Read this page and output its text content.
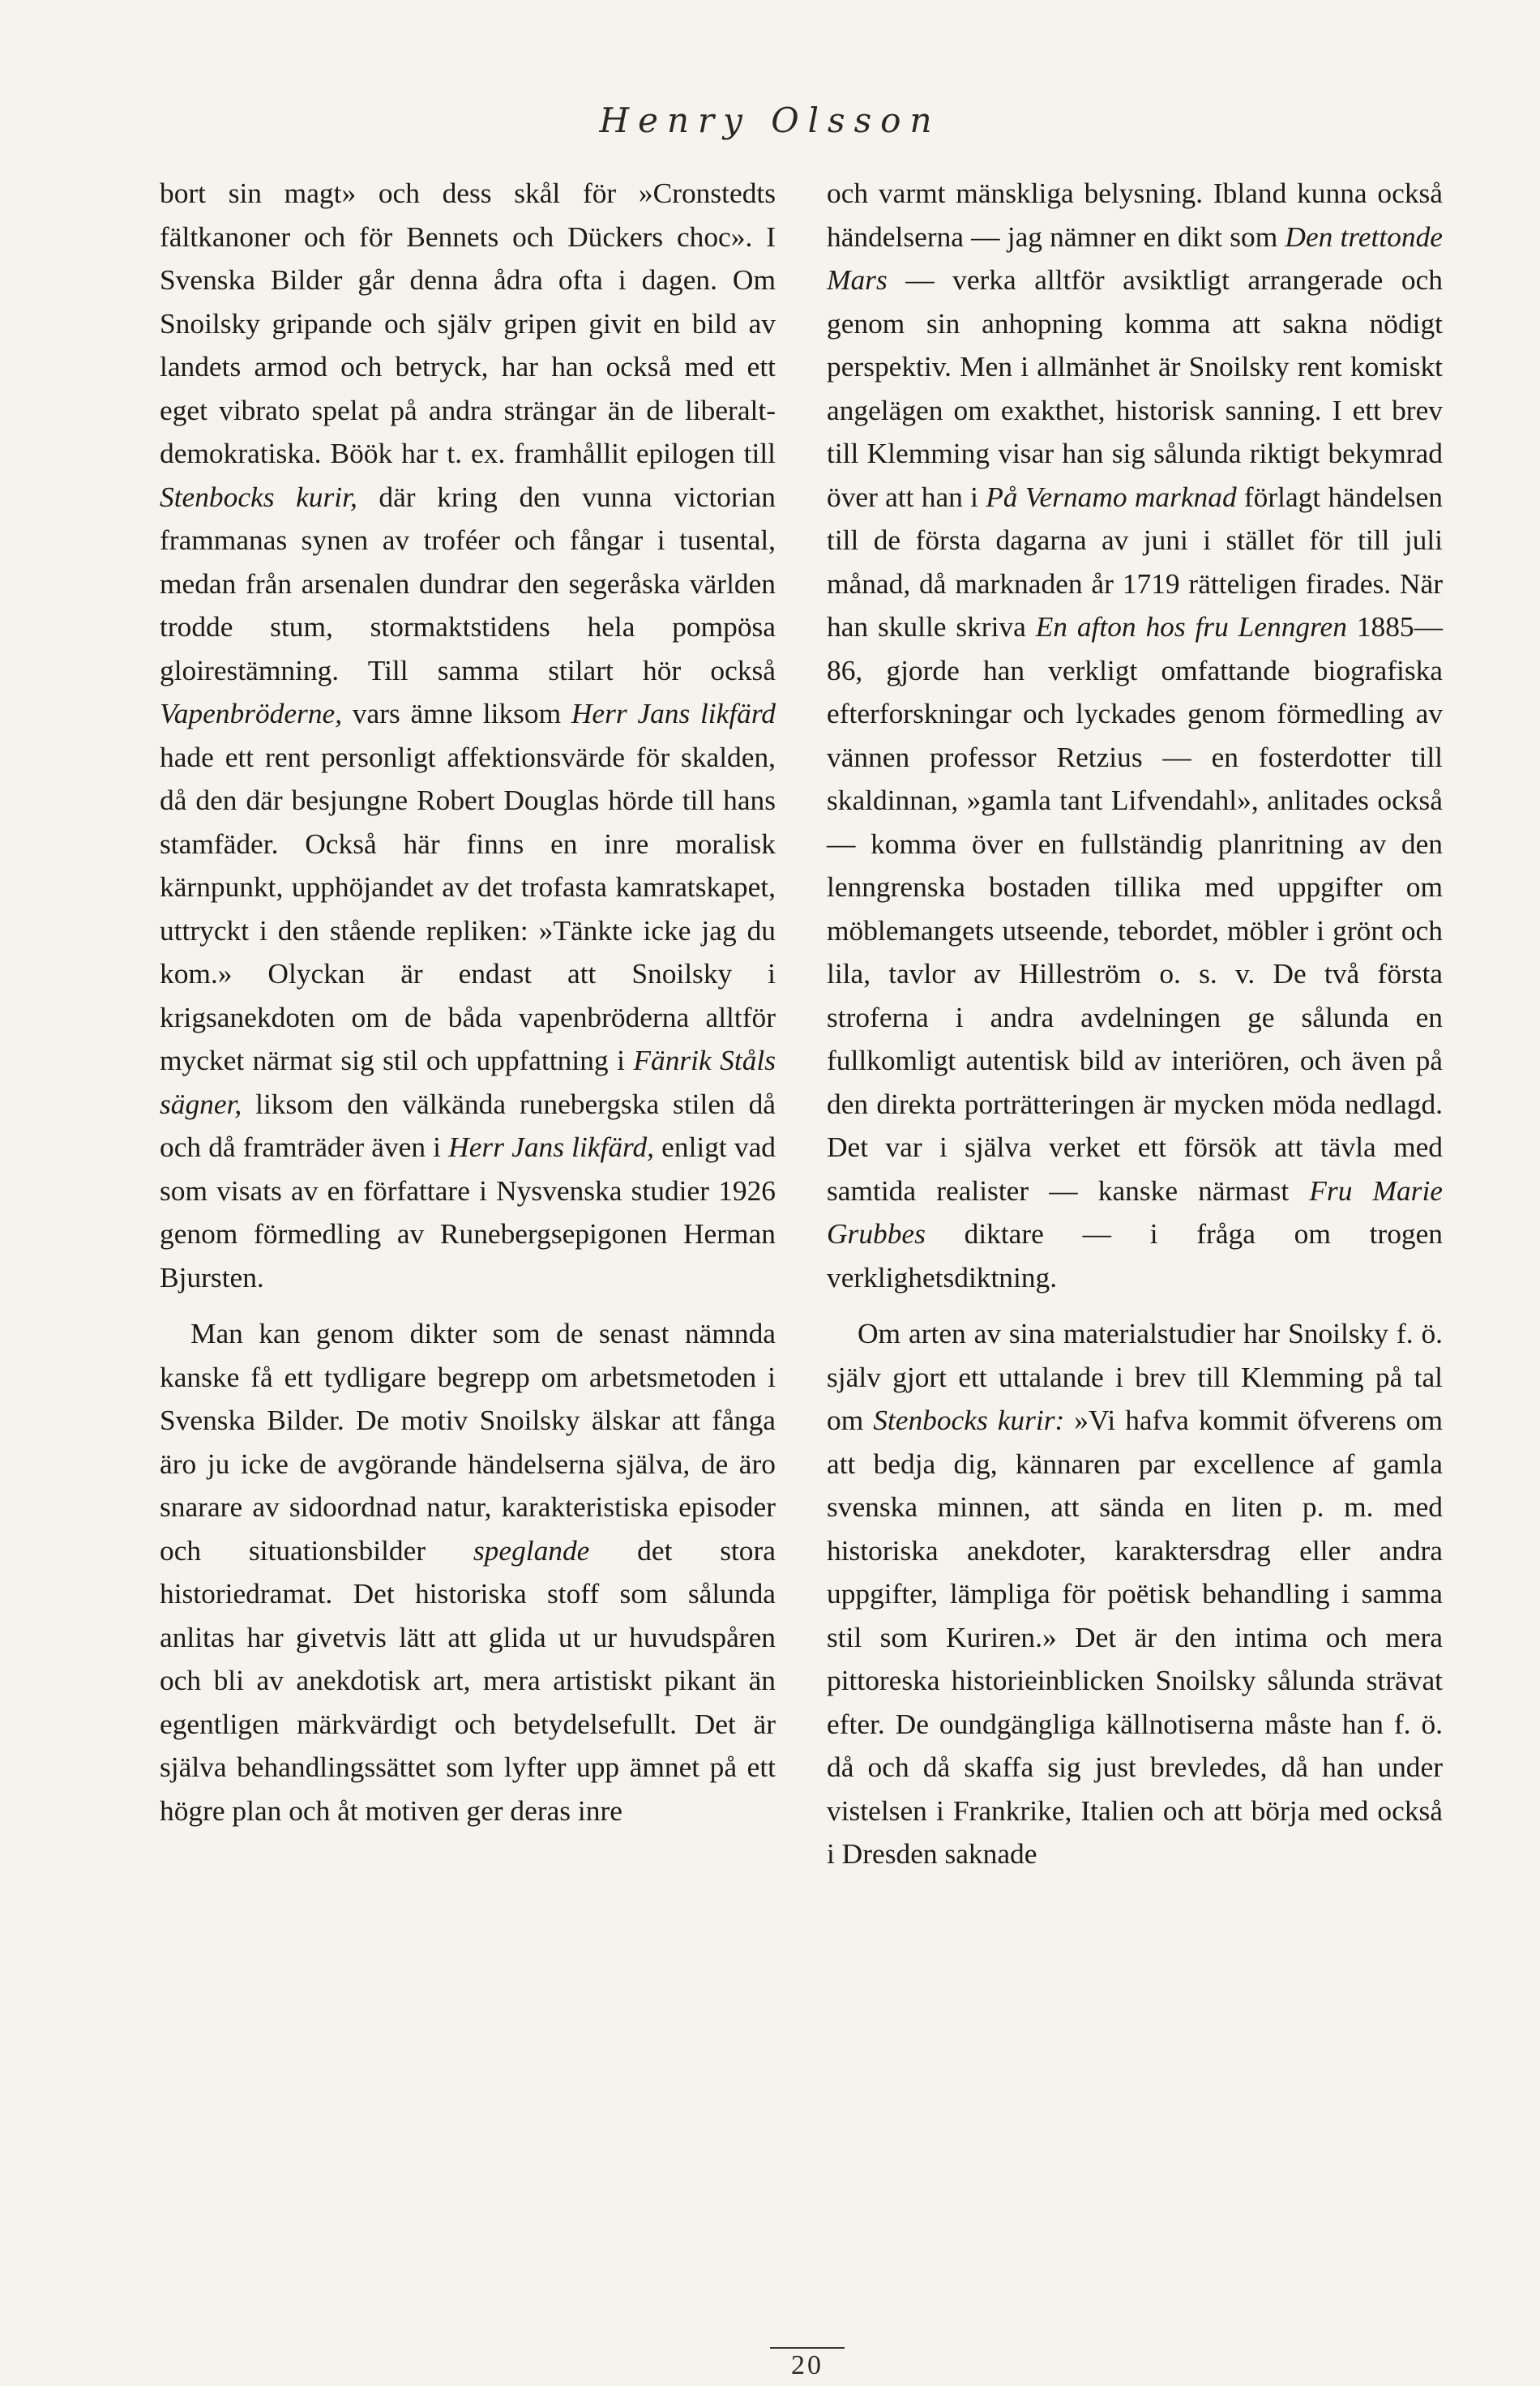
Henry Olsson

bort sin magt» och dess skål för »Cronstedts fältkanoner och för Bennets och Dückers choc». I Svenska Bilder går denna ådra ofta i dagen. Om Snoilsky gripande och själv gripen givit en bild av landets armod och betryck, har han också med ett eget vibrato spelat på andra strängar än de liberalt-demokratiska. Böök har t. ex. framhållit epilogen till Stenbocks kurir, där kring den vunna victorian frammanas synen av troféer och fångar i tusental, medan från arsenalen dundrar den segeråska världen trodde stum, stormaktstidens hela pompösa gloirestämning. Till samma stilart hör också Vapenbröderne, vars ämne liksom Herr Jans likfärd hade ett rent personligt affektionsvärde för skalden, då den där besjungne Robert Douglas hörde till hans stamfäder. Också här finns en inre moralisk kärnpunkt, upphöjandet av det trofasta kamratskapet, uttryckt i den stående repliken: »Tänkte icke jag du kom.» Olyckan är endast att Snoilsky i krigsanekdoten om de båda vapenbröderna alltför mycket närmat sig stil och uppfattning i Fänrik Ståls sägner, liksom den välkända runebergska stilen då och då framträder även i Herr Jans likfärd, enligt vad som visats av en författare i Nysvenska studier 1926 genom förmedling av Runebergsepigonen Herman Bjursten.

Man kan genom dikter som de senast nämnda kanske få ett tydligare begrepp om arbetsmetoden i Svenska Bilder. De motiv Snoilsky älskar att fånga äro ju icke de avgörande händelserna själva, de äro snarare av sidoordnad natur, karakteristiska episoder och situationsbilder speglande det stora historiedramat. Det historiska stoff som sålunda anlitas har givetvis lätt att glida ut ur huvudspåren och bli av anekdotisk art, mera artistiskt pikant än egentligen märkvärdigt och betydelsefullt. Det är själva behandlingssättet som lyfter upp ämnet på ett högre plan och åt motiven ger deras inre

och varmt mänskliga belysning. Ibland kunna också händelserna — jag nämner en dikt som Den trettonde Mars — verka alltför avsiktligt arrangerade och genom sin anhopning komma att sakna nödigt perspektiv. Men i allmänhet är Snoilsky rent komiskt angelägen om exakthet, historisk sanning. I ett brev till Klemming visar han sig sålunda riktigt bekymrad över att han i På Vernamo marknad förlagt händelsen till de första dagarna av juni i stället för till juli månad, då marknaden år 1719 rätteligen firades. När han skulle skriva En afton hos fru Lenngren 1885—86, gjorde han verkligt omfattande biografiska efterforskningar och lyckades genom förmedling av vännen professor Retzius — en fosterdotter till skaldinnan, »gamla tant Lifvendahl», anlitades också — komma över en fullständig planritning av den lenngrenska bostaden tillika med uppgifter om möblemangets utseende, tebordet, möbler i grönt och lila, tavlor av Hilleström o. s. v. De två första stroferna i andra avdelningen ge sålunda en fullkomligt autentisk bild av interiören, och även på den direkta porträtteringen är mycken möda nedlagd. Det var i själva verket ett försök att tävla med samtida realister — kanske närmast Fru Marie Grubbes diktare — i fråga om trogen verklighetsdiktning.

Om arten av sina materialstudier har Snoilsky f. ö. själv gjort ett uttalande i brev till Klemming på tal om Stenbocks kurir: »Vi hafva kommit öfverens om att bedja dig, kännaren par excellence af gamla svenska minnen, att sända en liten p. m. med historiska anekdoter, karaktersdrag eller andra uppgifter, lämpliga för poëtisk behandling i samma stil som Kuriren.» Det är den intima och mera pittoreska historieinblicken Snoilsky sålunda strävat efter. De oundgängliga källnotiserna måste han f. ö. då och då skaffa sig just brevledes, då han under vistelsen i Frankrike, Italien och att börja med också i Dresden saknade

20
